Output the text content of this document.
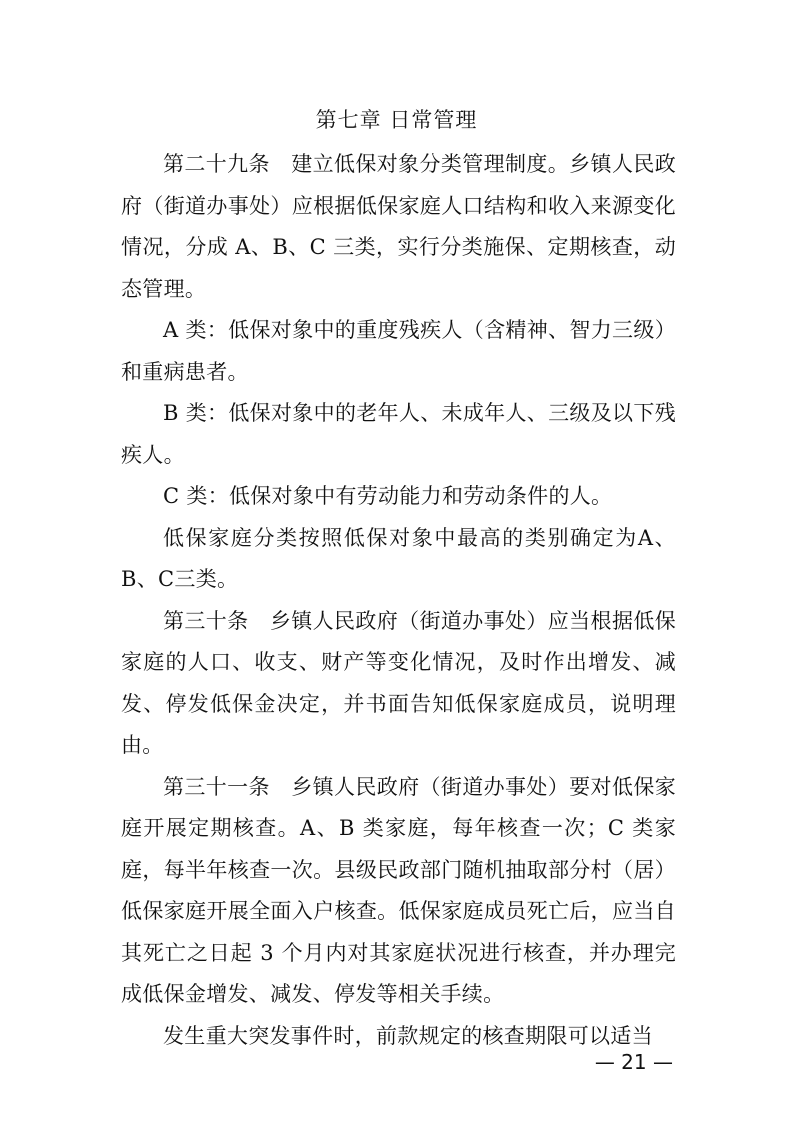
第七章 日常管理

第二十九条　建立低保对象分类管理制度。乡镇人民政府（街道办事处）应根据低保家庭人口结构和收入来源变化情况，分成 A、B、C 三类，实行分类施保、定期核查，动态管理。

A 类：低保对象中的重度残疾人（含精神、智力三级）和重病患者。

B 类：低保对象中的老年人、未成年人、三级及以下残疾人。

C 类：低保对象中有劳动能力和劳动条件的人。

低保家庭分类按照低保对象中最高的类别确定为A、B、C三类。

第三十条　乡镇人民政府（街道办事处）应当根据低保家庭的人口、收支、财产等变化情况，及时作出增发、减发、停发低保金决定，并书面告知低保家庭成员，说明理由。

第三十一条　乡镇人民政府（街道办事处）要对低保家庭开展定期核查。A、B 类家庭，每年核查一次；C 类家庭，每半年核查一次。县级民政部门随机抽取部分村（居）低保家庭开展全面入户核查。低保家庭成员死亡后，应当自其死亡之日起 3 个月内对其家庭状况进行核查，并办理完成低保金增发、减发、停发等相关手续。

发生重大突发事件时，前款规定的核查期限可以适当

— 21 —
